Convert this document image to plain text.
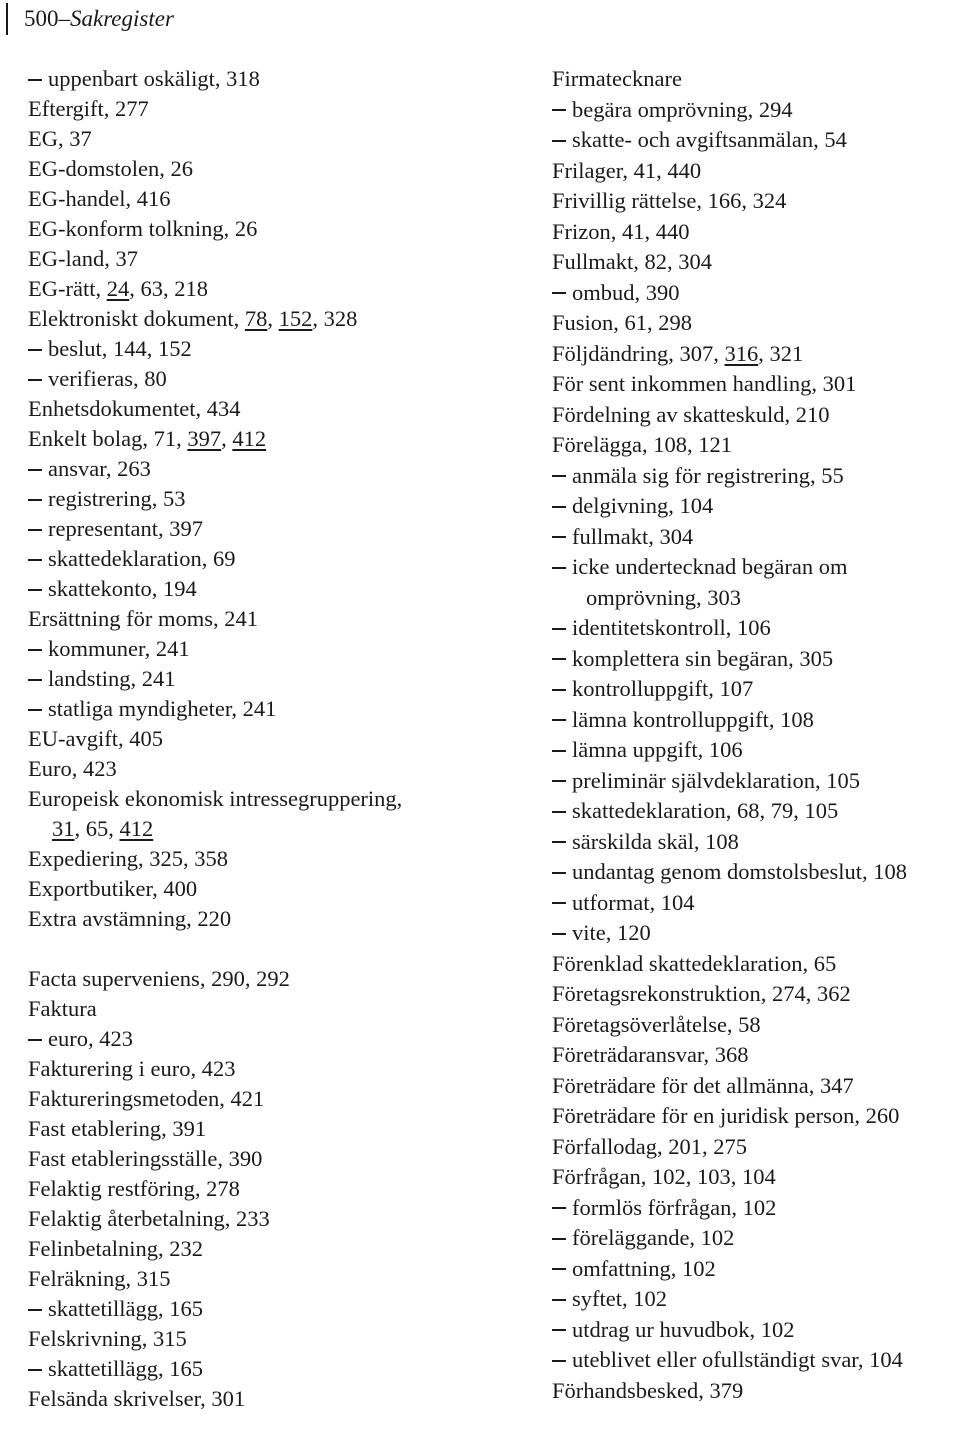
500–Sakregister
uppenbart oskäligt, 318
Eftergift, 277
EG, 37
EG-domstolen, 26
EG-handel, 416
EG-konform tolkning, 26
EG-land, 37
EG-rätt, 24, 63, 218
Elektroniskt dokument, 78, 152, 328
beslut, 144, 152
verifieras, 80
Enhetsdokumentet, 434
Enkelt bolag, 71, 397, 412
ansvar, 263
registrering, 53
representant, 397
skattedeklaration, 69
skattekonto, 194
Ersättning för moms, 241
kommuner, 241
landsting, 241
statliga myndigheter, 241
EU-avgift, 405
Euro, 423
Europeisk ekonomisk intressegruppering,
31, 65, 412
Expediering, 325, 358
Exportbutiker, 400
Extra avstämning, 220
Facta superveniens, 290, 292
Faktura
euro, 423
Fakturering i euro, 423
Faktureringsmetoden, 421
Fast etablering, 391
Fast etableringsställe, 390
Felaktig restföring, 278
Felaktig återbetalning, 233
Felinbetalning, 232
Felräkning, 315
skattetillägg, 165
Felskrivning, 315
skattetillägg, 165
Felsända skrivelser, 301
Firmatecknare
begära omprövning, 294
skatte- och avgiftsanmälan, 54
Frilager, 41, 440
Frivillig rättelse, 166, 324
Frizon, 41, 440
Fullmakt, 82, 304
ombud, 390
Fusion, 61, 298
Följdändring, 307, 316, 321
För sent inkommen handling, 301
Fördelning av skatteskuld, 210
Förelägga, 108, 121
anmäla sig för registrering, 55
delgivning, 104
fullmakt, 304
icke undertecknad begäran om
omprövning, 303
identitetskontroll, 106
komplettera sin begäran, 305
kontrolluppgift, 107
lämna kontrolluppgift, 108
lämna uppgift, 106
preliminär självdeklaration, 105
skattedeklaration, 68, 79, 105
särskilda skäl, 108
undantag genom domstolsbeslut, 108
utformat, 104
vite, 120
Förenklad skattedeklaration, 65
Företagsrekonstruktion, 274, 362
Företagsöverlåtelse, 58
Företrädaransvar, 368
Företrädare för det allmänna, 347
Företrädare för en juridisk person, 260
Förfallodag, 201, 275
Förfrågan, 102, 103, 104
formlös förfrågan, 102
föreläggande, 102
omfattning, 102
syftet, 102
utdrag ur huvudbok, 102
uteblivet eller ofullständigt svar, 104
Förhandsbesked, 379
